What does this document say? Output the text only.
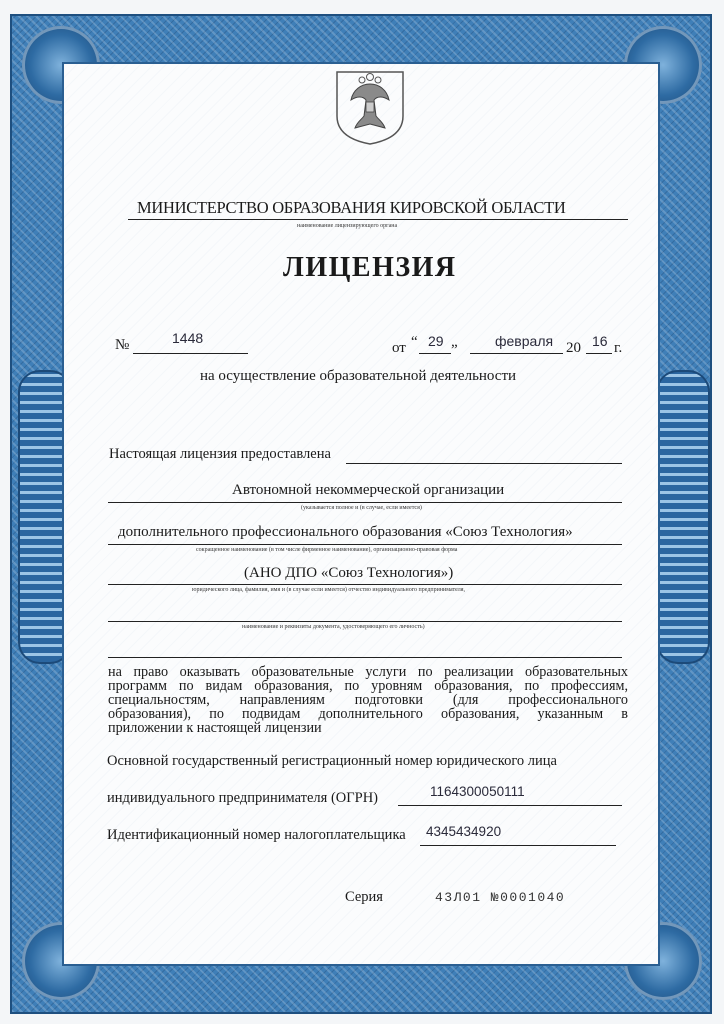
МИНИСТЕРСТВО ОБРАЗОВАНИЯ КИРОВСКОЙ ОБЛАСТИ
наименование лицензирующего органа
ЛИЦЕНЗИЯ
№	1448
от “ 29 „	февраля 20 16 г.
на осуществление образовательной деятельности
Настоящая лицензия предоставлена
Автономной некоммерческой организации
(указывается полное и (в случае, если имеется)
дополнительного профессионального образования «Союз Технология»
сокращенное наименование (в том числе фирменное наименование), организационно-правовая форма
(АНО ДПО «Союз Технология»)
юридического лица, фамилия, имя и (в случае если имеется) отчество индивидуального предпринимателя,
наименование и реквизиты документа, удостоверяющего его личность)
на право оказывать образовательные услуги по реализации образовательных
программ по видам образования, по уровням образования, по профессиям,
специальностям, направлениям подготовки (для профессионального
образования), по подвидам дополнительного образования, указанным в
приложении к настоящей лицензии
Основной государственный регистрационный номер юридического лица
индивидуального предпринимателя (ОГРН)	1164300050111
Идентификационный номер налогоплательщика 4345434920
Серия	43Л01 №0001040
